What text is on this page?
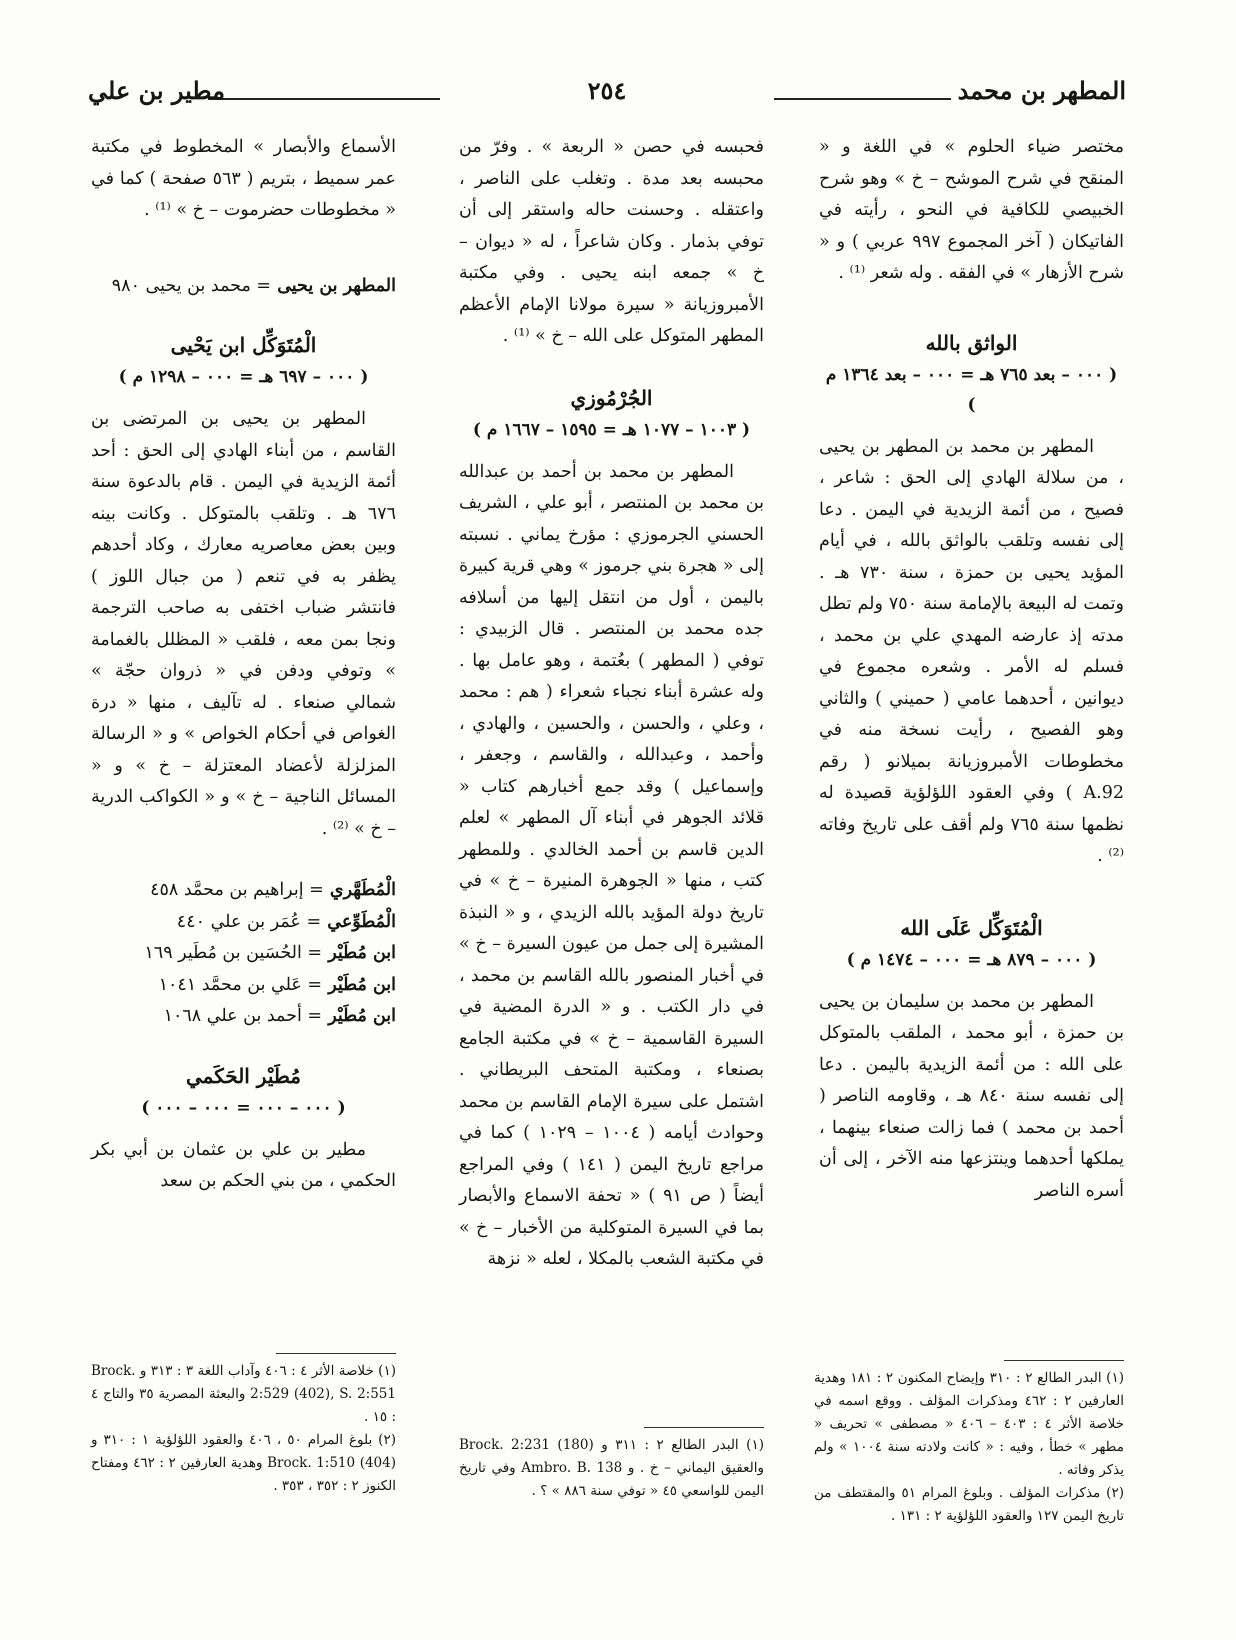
المطهر بن محمد
٢٥٤
مطير بن علي

مختصر ضياء الحلوم » في اللغة و « المنقح في شرح الموشح – خ » وهو شرح الخبيصي للكافية في النحو ، رأيته في الفاتيكان ( آخر المجموع ٩٩٧ عربي ) و « شرح الأزهار » في الفقه . وله شعر ⁽¹⁾ .

الواثق بالله
( ۰۰۰ – بعد ٧٦٥ هـ = ۰۰۰ – بعد ١٣٦٤ م )

المطهر بن محمد بن المطهر بن يحيى ، من سلالة الهادي إلى الحق : شاعر ، فصيح ، من أئمة الزيدية في اليمن . دعا إلى نفسه وتلقب بالواثق بالله ، في أيام المؤيد يحيى بن حمزة ، سنة ٧٣٠ هـ . وتمت له البيعة بالإمامة سنة ٧٥٠ ولم تطل مدته إذ عارضه المهدي علي بن محمد ، فسلم له الأمر . وشعره مجموع في ديوانين ، أحدهما عامي ( حميني ) والثاني وهو الفصيح ، رأيت نسخة منه في مخطوطات الأمبروزيانة بميلانو ( رقم A.92 ) وفي العقود اللؤلؤية قصيدة له نظمها سنة ٧٦٥ ولم أقف على تاريخ وفاته ⁽²⁾ .

الْمُتَوَكِّل عَلَى الله
( ۰۰۰ – ٨٧٩ هـ = ۰۰۰ – ١٤٧٤ م )

المطهر بن محمد بن سليمان بن يحيى بن حمزة ، أبو محمد ، الملقب بالمتوكل على الله : من أئمة الزيدية باليمن . دعا إلى نفسه سنة ٨٤٠ هـ ، وقاومه الناصر ( أحمد بن محمد ) فما زالت صنعاء بينهما ، يملكها أحدهما وينتزعها منه الآخر ، إلى أن أسره الناصر

فحبسه في حصن « الربعة » . وفرّ من محبسه بعد مدة . وتغلب على الناصر ، واعتقله . وحسنت حاله واستقر إلى أن توفي بذمار . وكان شاعراً ، له « ديوان – خ » جمعه ابنه يحيى . وفي مكتبة الأمبروزيانة « سيرة مولانا الإمام الأعظم المطهر المتوكل على الله – خ » ⁽¹⁾ .

الجُرْمُوزي
( ١٠٠٣ – ١٠٧٧ هـ = ١٥٩٥ – ١٦٦٧ م )

المطهر بن محمد بن أحمد بن عبدالله بن محمد بن المنتصر ، أبو علي ، الشريف الحسني الجرموزي : مؤرخ يماني . نسبته إلى « هجرة بني جرموز » وهي قرية كبيرة باليمن ، أول من انتقل إليها من أسلافه جده محمد بن المنتصر . قال الزبيدي : توفي ( المطهر ) بعُتمة ، وهو عامل بها . وله عشرة أبناء نجباء شعراء ( هم : محمد ، وعلي ، والحسن ، والحسين ، والهادي ، وأحمد ، وعبدالله ، والقاسم ، وجعفر ، وإسماعيل ) وقد جمع أخبارهم كتاب « قلائد الجوهر في أبناء آل المطهر » لعلم الدين قاسم بن أحمد الخالدي . وللمطهر كتب ، منها « الجوهرة المنيرة – خ » في تاريخ دولة المؤيد بالله الزيدي ، و « النبذة المشيرة إلى جمل من عيون السيرة – خ » في أخبار المنصور بالله القاسم بن محمد ، في دار الكتب . و « الدرة المضية في السيرة القاسمية – خ » في مكتبة الجامع بصنعاء ، ومكتبة المتحف البريطاني . اشتمل على سيرة الإمام القاسم بن محمد وحوادث أيامه ( ١٠٠٤ – ١٠٢٩ ) كما في مراجع تاريخ اليمن ( ١٤١ ) وفي المراجع أيضاً ( ص ٩١ ) « تحفة الاسماع والأبصار بما في السيرة المتوكلية من الأخبار – خ » في مكتبة الشعب بالمكلا ، لعله « نزهة

الأسماع والأبصار » المخطوط في مكتبة عمر سميط ، بتريم ( ٥٦٣ صفحة ) كما في « مخطوطات حضرموت – خ » ⁽¹⁾ .

المطهر بن يحيى = محمد بن يحيى ٩٨٠

الْمُتَوَكِّل ابن يَحْيى
( ۰۰۰ – ٦٩٧ هـ = ۰۰۰ – ١٢٩٨ م )

المطهر بن يحيى بن المرتضى بن القاسم ، من أبناء الهادي إلى الحق : أحد أئمة الزيدية في اليمن . قام بالدعوة سنة ٦٧٦ هـ . وتلقب بالمتوكل . وكانت بينه وبين بعض معاصريه معارك ، وكاد أحدهم يظفر به في تنعم ( من جبال اللوز ) فانتشر ضباب اختفى به صاحب الترجمة ونجا بمن معه ، فلقب « المظلل بالغمامة » وتوفي ودفن في « ذروان حجّة » شمالي صنعاء . له تآليف ، منها « درة الغواص في أحكام الخواص » و « الرسالة المزلزلة لأعضاد المعتزلة – خ » و « المسائل الناجية – خ » و « الكواكب الدرية – خ » ⁽²⁾ .

الْمُطَهَّري = إبراهيم بن محمَّد ٤٥٨

الْمُطَوِّعي = عُمَر بن علي ٤٤٠

ابن مُطَيْر = الحُسَين بن مُطَير ١٦٩

ابن مُطَيْر = عَلي بن محمَّد ١٠٤١

ابن مُطَيْر = أحمد بن علي ١٠٦٨

مُطَيْر الحَكَمي
( ۰۰۰ – ۰۰۰ = ۰۰۰ – ۰۰۰ )

مطير بن علي بن عثمان بن أبي بكر الحكمي ، من بني الحكم بن سعد

(١) البدر الطالع ٢ : ٣١٠ وإيضاح المكنون ٢ : ١٨١ وهدية العارفين ٢ : ٤٦٢ ومذكرات المؤلف . ووقع اسمه في خلاصة الأثر ٤ : ٤٠٣ – ٤٠٦ « مصطفى » تحريف « مطهر » خطأ ، وفيه : « كانت ولادته سنة ١٠٠٤ » ولم يذكر وفاته .

(٢) مذكرات المؤلف . وبلوغ المرام ٥١ والمقتطف من تاريخ اليمن ١٢٧ والعقود اللؤلؤية ٢ : ١٣١ .

(١) البدر الطالع ٢ : ٣١١ و Brock. 2:231 (180) والعقيق اليماني – خ . و Ambro. B. 138 وفي تاريخ اليمن للواسعي ٤٥ « توفي سنة ٨٨٦ » ؟ .

(١) خلاصة الأثر ٤ : ٤٠٦ وآداب اللغة ٣ : ٣١٣ و Brock. 2:529 (402), S. 2:551 والبعثة المصرية ٣٥ والتاج ٤ : ١٥ .

(٢) بلوغ المرام ٥٠ ، ٤٠٦ والعقود اللؤلؤية ١ : ٣١٠ و Brock. 1:510 (404) وهدية العارفين ٢ : ٤٦٢ ومفتاح الكنوز ٢ : ٣٥٢ ، ٣٥٣ .
